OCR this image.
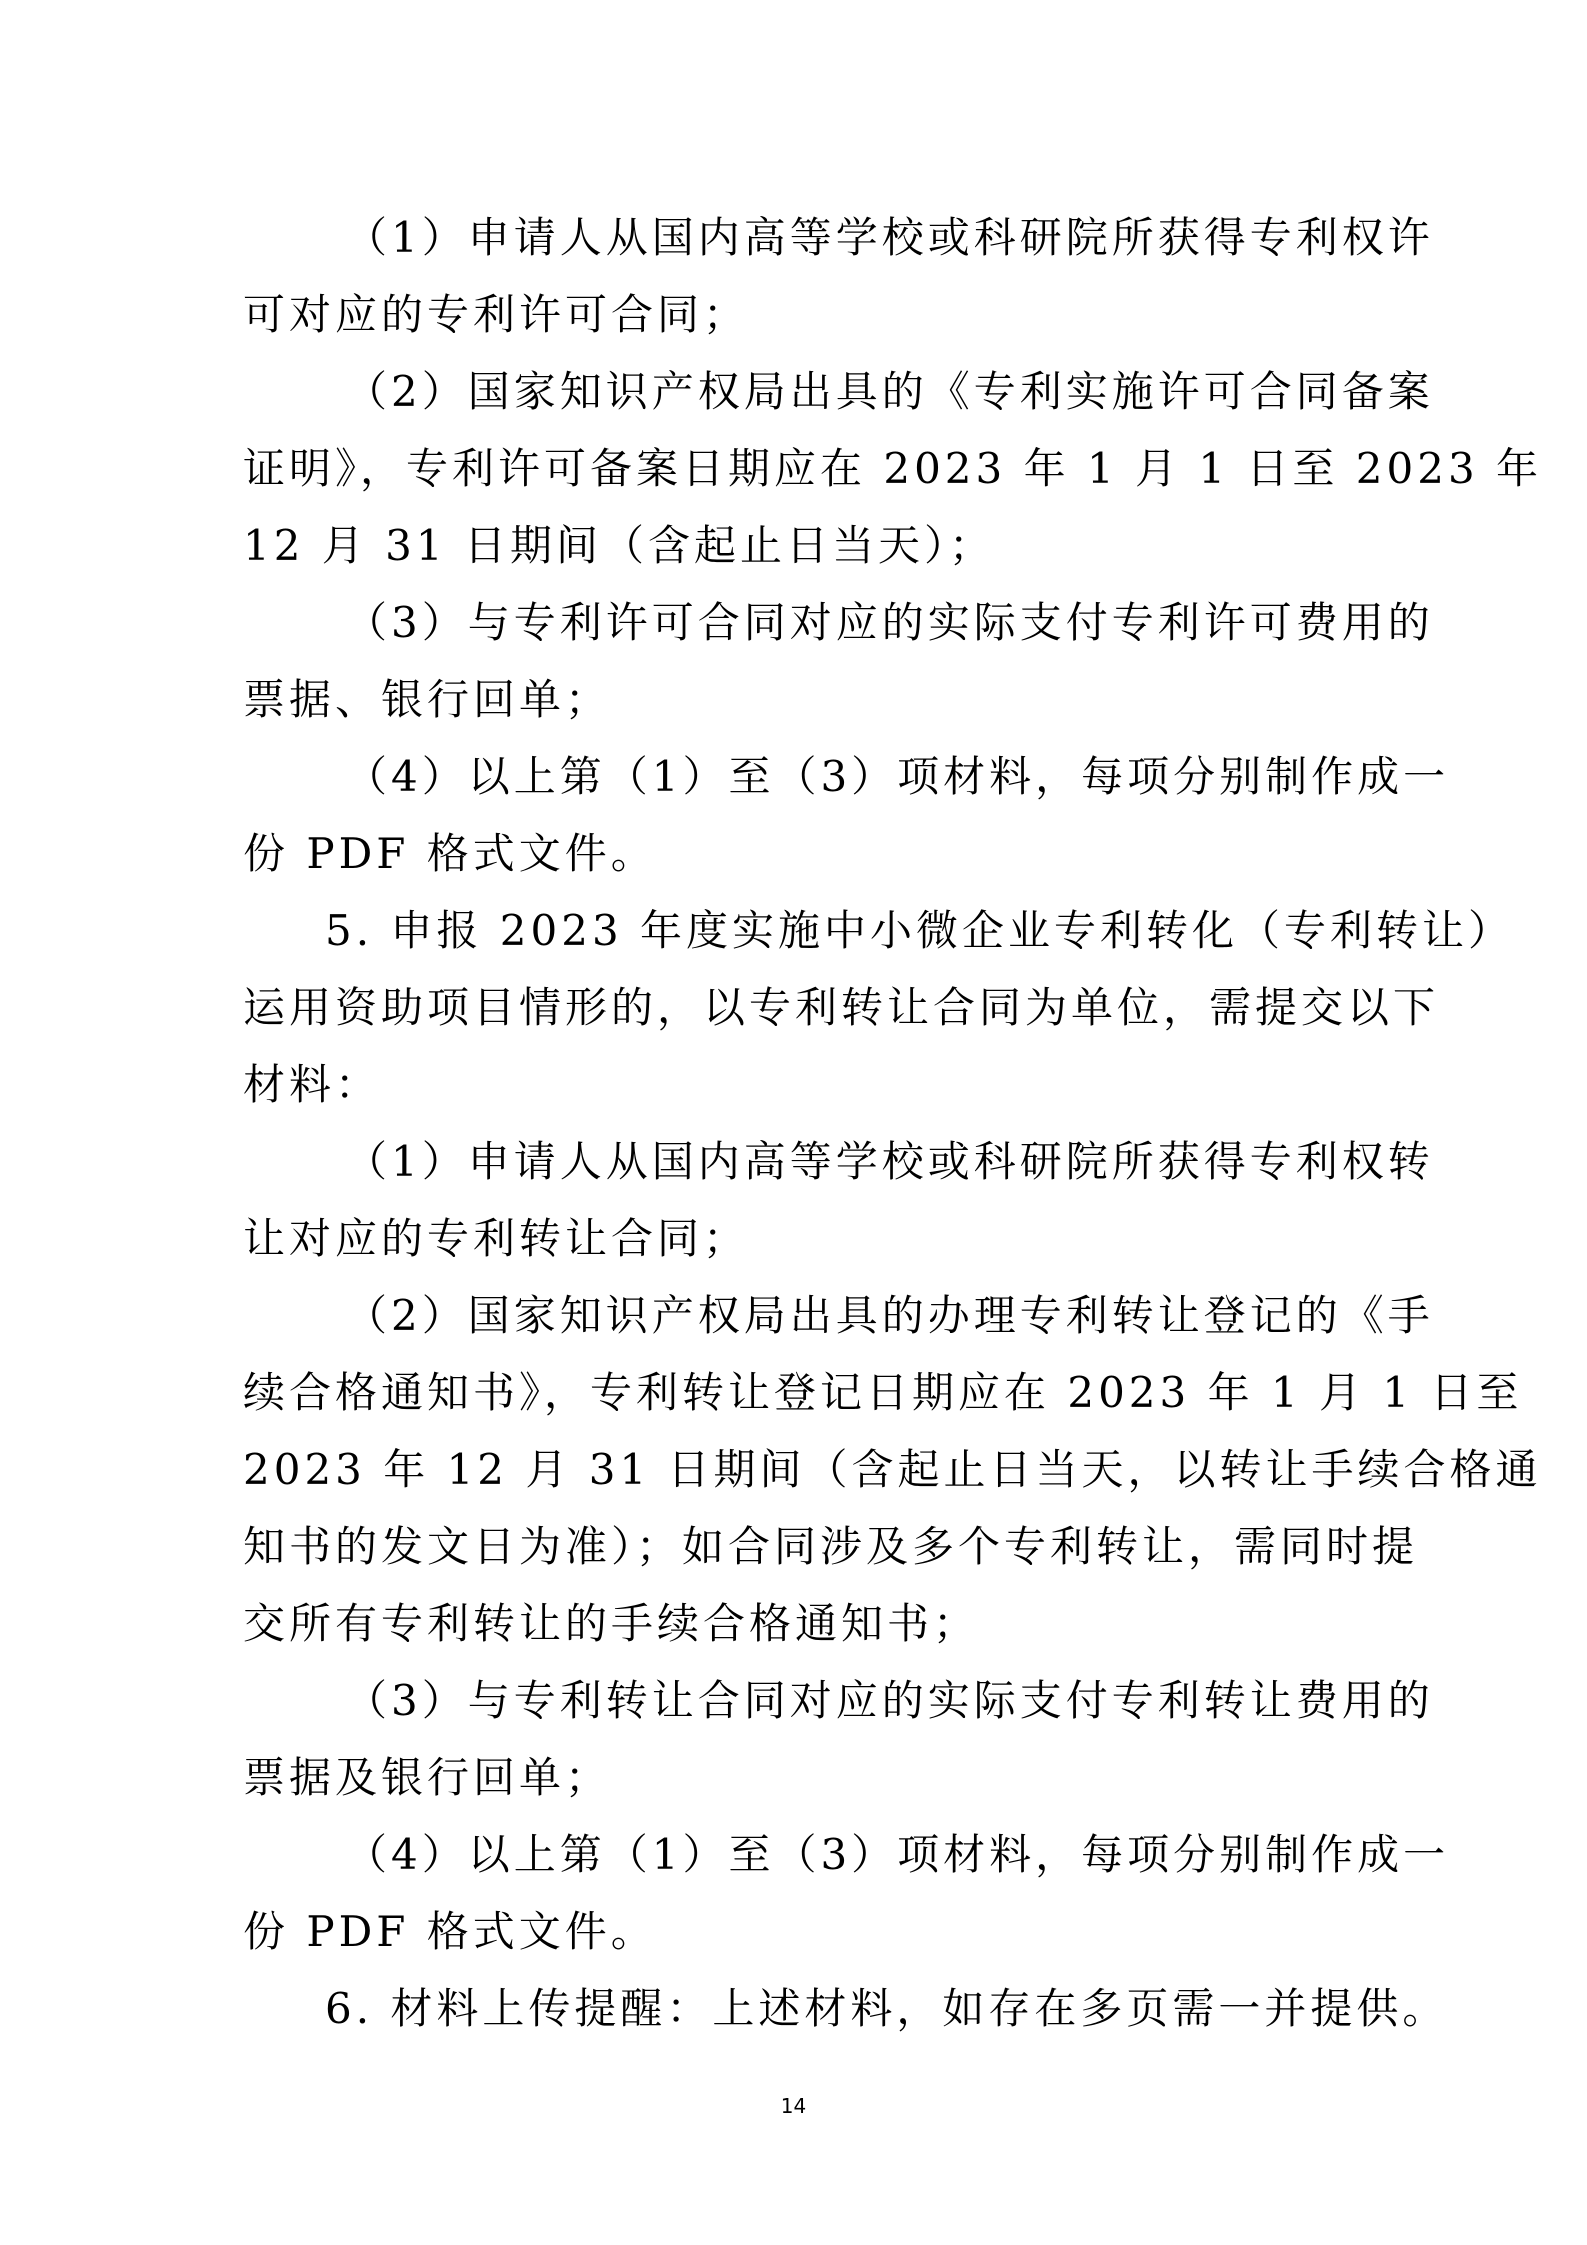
（1）申请人从国内高等学校或科研院所获得专利权许
可对应的专利许可合同；
（2）国家知识产权局出具的《专利实施许可合同备案
证明》，专利许可备案日期应在 2023 年 1 月 1 日至 2023 年
12 月 31 日期间（含起止日当天）；
（3）与专利许可合同对应的实际支付专利许可费用的
票据、银行回单；
（4）以上第（1）至（3）项材料，每项分别制作成一
份 PDF 格式文件。
5. 申报 2023 年度实施中小微企业专利转化（专利转让）
运用资助项目情形的，以专利转让合同为单位，需提交以下
材料：
（1）申请人从国内高等学校或科研院所获得专利权转
让对应的专利转让合同；
（2）国家知识产权局出具的办理专利转让登记的《手
续合格通知书》，专利转让登记日期应在 2023 年 1 月 1 日至
2023 年 12 月 31 日期间（含起止日当天，以转让手续合格通
知书的发文日为准）；如合同涉及多个专利转让，需同时提
交所有专利转让的手续合格通知书；
（3）与专利转让合同对应的实际支付专利转让费用的
票据及银行回单；
（4）以上第（1）至（3）项材料，每项分别制作成一
份 PDF 格式文件。
6. 材料上传提醒：上述材料，如存在多页需一并提供。
14
